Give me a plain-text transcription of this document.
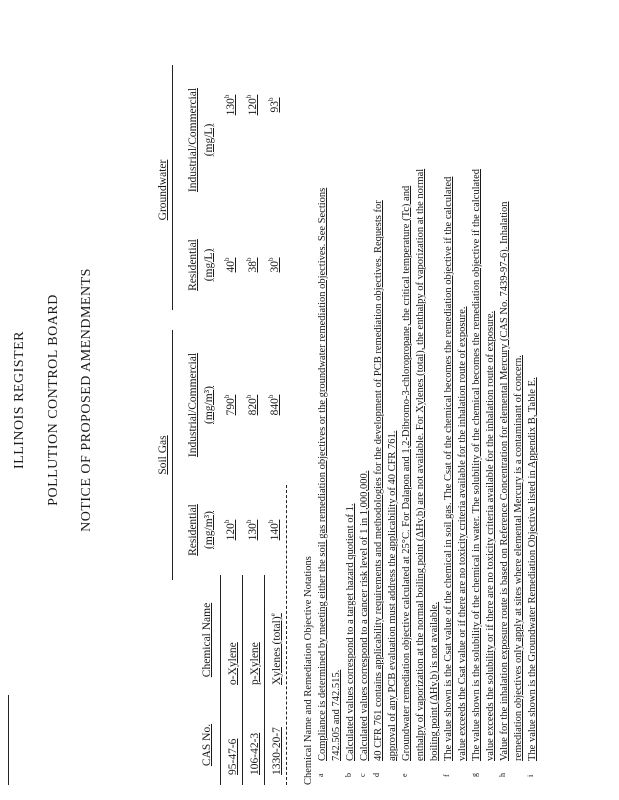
ILLINOIS REGISTER POLLUTION CONTROL BOARD NOTICE OF PROPOSED AMENDMENTS	Soil Gas
Groundwater
CAS No.
Chemical Name
Residential (mg/m³)
Industrial/Commercial (mg/m³)
Residential (mg/L)
Industrial/Commercial (mg/L)
95-47-6
o-Xylene
120$^b$
790$^b$
40$^b$
130$^b$
106-42-3
p-Xylene
130$^b$
820$^b$
38$^b$
120$^b$
1330-20-7
Xylenes (total)$^e$
140$^b$
840$^b$
30$^b$
93$^b$
Chemical Name and Remediation Objective Notations a
Compliance is determined by meeting either the soil gas remediation objectives or the groundwater remediation objectives. See Sections 742.505 and 742.515.
b
Calculated values correspond to a target hazard quotient of 1.
c
Calculated values correspond to a cancer risk level of 1 in 1,000,000.
d
40 CFR 761 contains applicability requirements and methodologies for the development of PCB remediation objectives. Requests for approval of any PCB evaluation must address the applicability of 40 CFR 761.
e
Groundwater remediation objective calculated at 25°C. For Dalapon and 1,2-Dibromo-3-chloropropane, the critical temperature (Tc) and enthalpy of vaporization at the normal boiling point (ΔHv,b) are not available. For Xylenes (total), the enthalpy of vaporization at the normal boiling point (ΔHv,b) is not available.
f
The value shown is the Csat value of the chemical in soil gas. The Csat of the chemical becomes the remediation objective if the calculated value exceeds the Csat value or if there are no toxicity criteria available for the inhalation route of exposure.
g
The value shown is the solubility of the chemical in water. The solubility of the chemical becomes the remediation objective if the calculated value exceeds the solubility or if there are no toxicity criteria available for the inhalation route of exposure.
h
Value for the inhalation exposure route is based on Reference Concentration for elemental Mercury (CAS No. 7439-97-6). Inhalation remediation objectives only apply at sites where elemental Mercury is a contaminant of concern.
i
The value shown is the Groundwater Remediation Objective listed in Appendix B, Table E.
